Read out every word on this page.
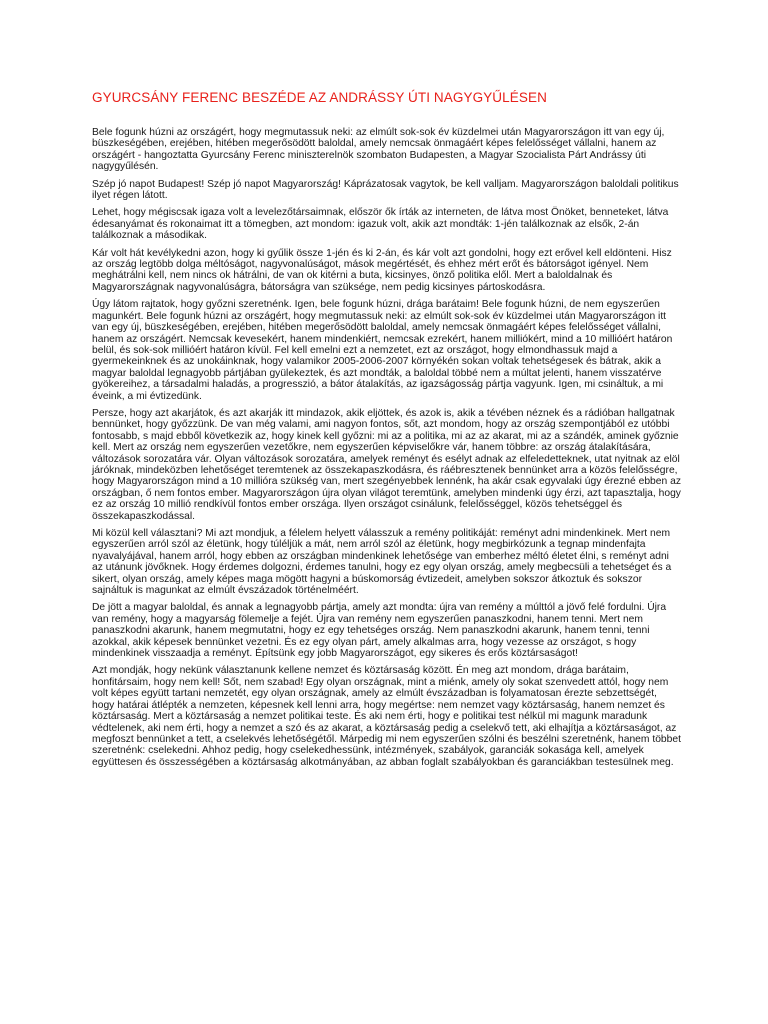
GYURCSÁNY FERENC BESZÉDE AZ ANDRÁSSY ÚTI NAGYGYŰLÉSEN

Bele fogunk húzni az országért, hogy megmutassuk neki: az elmúlt sok-sok év küzdelmei után Magyarországon itt van egy új, büszkeségében, erejében, hitében megerősödött baloldal, amely nemcsak önmagáért képes felelősséget vállalni, hanem az országért - hangoztatta Gyurcsány Ferenc miniszterelnök szombaton Budapesten, a Magyar Szocialista Párt Andrássy úti nagygyűlésén.

Szép jó napot Budapest! Szép jó napot Magyarország! Káprázatosak vagytok, be kell valljam. Magyarországon baloldali politikus ilyet régen látott.

Lehet, hogy mégiscsak igaza volt a levelezőtársaimnak, először ők írták az interneten, de látva most Önöket, benneteket, látva édesanyámat és rokonaimat itt a tömegben, azt mondom: igazuk volt, akik azt mondták: 1-jén találkoznak az elsők, 2-án találkoznak a másodikak.

Kár volt hát kevélykedni azon, hogy ki gyűlik össze 1-jén és ki 2-án, és kár volt azt gondolni, hogy ezt erővel kell eldönteni. Hisz az ország legtöbb dolga méltóságot, nagyvonalúságot, mások megértését, és ehhez mért erőt és bátorságot igényel. Nem meghátrálni kell, nem nincs ok hátrálni, de van ok kitérni a buta, kicsinyes, önző politika elől. Mert a baloldalnak és Magyarországnak nagyvonalúságra, bátorságra van szüksége, nem pedig kicsinyes pártoskodásra.

Úgy látom rajtatok, hogy győzni szeretnénk. Igen, bele fogunk húzni, drága barátaim! Bele fogunk húzni, de nem egyszerűen magunkért. Bele fogunk húzni az országért, hogy megmutassuk neki: az elmúlt sok-sok év küzdelmei után Magyarországon itt van egy új, büszkeségében, erejében, hitében megerősödött baloldal, amely nemcsak önmagáért képes felelősséget vállalni, hanem az országért. Nemcsak kevesekért, hanem mindenkiért, nemcsak ezrekért, hanem milliókért, mind a 10 millióért határon belül, és sok-sok millióért határon kívül. Fel kell emelni ezt a nemzetet, ezt az országot, hogy elmondhassuk majd a gyermekeinknek és az unokáinknak, hogy valamikor 2005-2006-2007 környékén sokan voltak tehetségesek és bátrak, akik a magyar baloldal legnagyobb pártjában gyülekeztek, és azt mondták, a baloldal többé nem a múltat jelenti, hanem visszatérve gyökereihez, a társadalmi haladás, a progresszió, a bátor átalakítás, az igazságosság pártja vagyunk. Igen, mi csináltuk, a mi éveink, a mi évtizedünk.

Persze, hogy azt akarjátok, és azt akarják itt mindazok, akik eljöttek, és azok is, akik a tévében néznek és a rádióban hallgatnak bennünket, hogy győzzünk. De van még valami, ami nagyon fontos, sőt, azt mondom, hogy az ország szempontjából ez utóbbi fontosabb, s majd ebből következik az, hogy kinek kell győzni: mi az a politika, mi az az akarat, mi az a szándék, aminek győznie kell. Mert az ország nem egyszerűen vezetőkre, nem egyszerűen képviselőkre vár, hanem többre: az ország átalakítására, változások sorozatára vár. Olyan változások sorozatára, amelyek reményt és esélyt adnak az elfeledetteknek, utat nyitnak az elöl járóknak, mindeközben lehetőséget teremtenek az összekapaszkodásra, és ráébresztenek bennünket arra a közös felelősségre, hogy Magyarországon mind a 10 millióra szükség van, mert szegényebbek lennénk, ha akár csak egyvalaki úgy érezné ebben az országban, ő nem fontos ember. Magyarországon újra olyan világot teremtünk, amelyben mindenki úgy érzi, azt tapasztalja, hogy ez az ország 10 millió rendkívül fontos ember országa. Ilyen országot csinálunk, felelősséggel, közös tehetséggel és összekapaszkodással.

Mi közül kell választani? Mi azt mondjuk, a félelem helyett válasszuk a remény politikáját: reményt adni mindenkinek. Mert nem egyszerűen arról szól az életünk, hogy túléljük a mát, nem arról szól az életünk, hogy megbirkózunk a tegnap mindenfajta nyavalyájával, hanem arról, hogy ebben az országban mindenkinek lehetősége van emberhez méltó életet élni, s reményt adni az utánunk jövőknek. Hogy érdemes dolgozni, érdemes tanulni, hogy ez egy olyan ország, amely megbecsüli a tehetséget és a sikert, olyan ország, amely képes maga mögött hagyni a búskomorság évtizedeit, amelyben sokszor átkoztuk és sokszor sajnáltuk is magunkat az elmúlt évszázadok történelméért.

De jött a magyar baloldal, és annak a legnagyobb pártja, amely azt mondta: újra van remény a múlttól a jövő felé fordulni. Újra van remény, hogy a magyarság fölemelje a fejét. Újra van remény nem egyszerűen panaszkodni, hanem tenni. Mert nem panaszkodni akarunk, hanem megmutatni, hogy ez egy tehetséges ország. Nem panaszkodni akarunk, hanem tenni, tenni azokkal, akik képesek bennünket vezetni. És ez egy olyan párt, amely alkalmas arra, hogy vezesse az országot, s hogy mindenkinek visszaadja a reményt. Építsünk egy jobb Magyarországot, egy sikeres és erős köztársaságot!

Azt mondják, hogy nekünk választanunk kellene nemzet és köztársaság között. Én meg azt mondom, drága barátaim, honfitársaim, hogy nem kell! Sőt, nem szabad! Egy olyan országnak, mint a miénk, amely oly sokat szenvedett attól, hogy nem volt képes együtt tartani nemzetét, egy olyan országnak, amely az elmúlt évszázadban is folyamatosan érezte sebzettségét, hogy határai átlépték a nemzeten, képesnek kell lenni arra, hogy megértse: nem nemzet vagy köztársaság, hanem nemzet és köztársaság. Mert a köztársaság a nemzet politikai teste. És aki nem érti, hogy e politikai test nélkül mi magunk maradunk védtelenek, aki nem érti, hogy a nemzet a szó és az akarat, a köztársaság pedig a cselekvő tett, aki elhajítja a köztársaságot, az megfoszt bennünket a tett, a cselekvés lehetőségétől. Márpedig mi nem egyszerűen szólni és beszélni szeretnénk, hanem többet szeretnénk: cselekedni. Ahhoz pedig, hogy cselekedhessünk, intézmények, szabályok, garanciák sokasága kell, amelyek együttesen és összességében a köztársaság alkotmányában, az abban foglalt szabályokban és garanciákban testesülnek meg.
